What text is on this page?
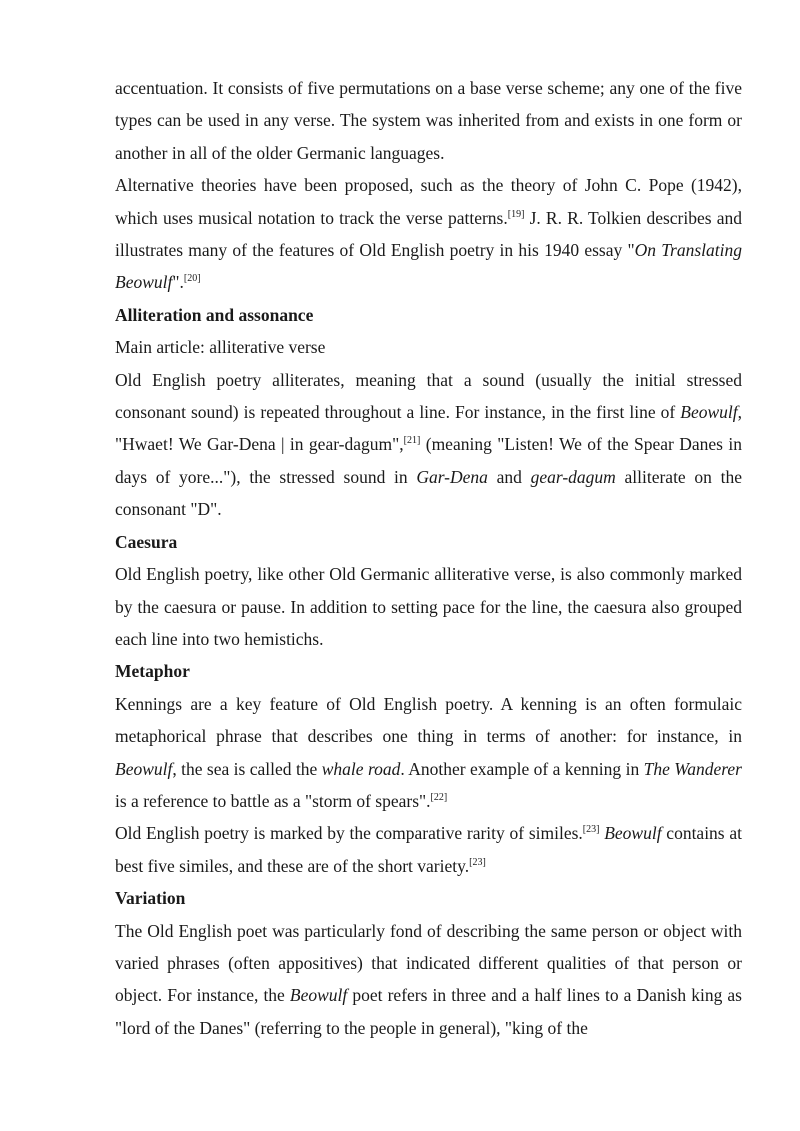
accentuation. It consists of five permutations on a base verse scheme; any one of the five types can be used in any verse. The system was inherited from and exists in one form or another in all of the older Germanic languages.

Alternative theories have been proposed, such as the theory of John C. Pope (1942), which uses musical notation to track the verse patterns.[19] J. R. R. Tolkien describes and illustrates many of the features of Old English poetry in his 1940 essay "On Translating Beowulf".[20]

Alliteration and assonance

Main article: alliterative verse

Old English poetry alliterates, meaning that a sound (usually the initial stressed consonant sound) is repeated throughout a line. For instance, in the first line of Beowulf, "Hwaet! We Gar-Dena | in gear-dagum",[21] (meaning "Listen! We of the Spear Danes in days of yore..."), the stressed sound in Gar-Dena and gear-dagum alliterate on the consonant "D".

Caesura

Old English poetry, like other Old Germanic alliterative verse, is also commonly marked by the caesura or pause. In addition to setting pace for the line, the caesura also grouped each line into two hemistichs.

Metaphor

Kennings are a key feature of Old English poetry. A kenning is an often formulaic metaphorical phrase that describes one thing in terms of another: for instance, in Beowulf, the sea is called the whale road. Another example of a kenning in The Wanderer is a reference to battle as a "storm of spears".[22]

Old English poetry is marked by the comparative rarity of similes.[23] Beowulf contains at best five similes, and these are of the short variety.[23]

Variation

The Old English poet was particularly fond of describing the same person or object with varied phrases (often appositives) that indicated different qualities of that person or object. For instance, the Beowulf poet refers in three and a half lines to a Danish king as "lord of the Danes" (referring to the people in general), "king of the
